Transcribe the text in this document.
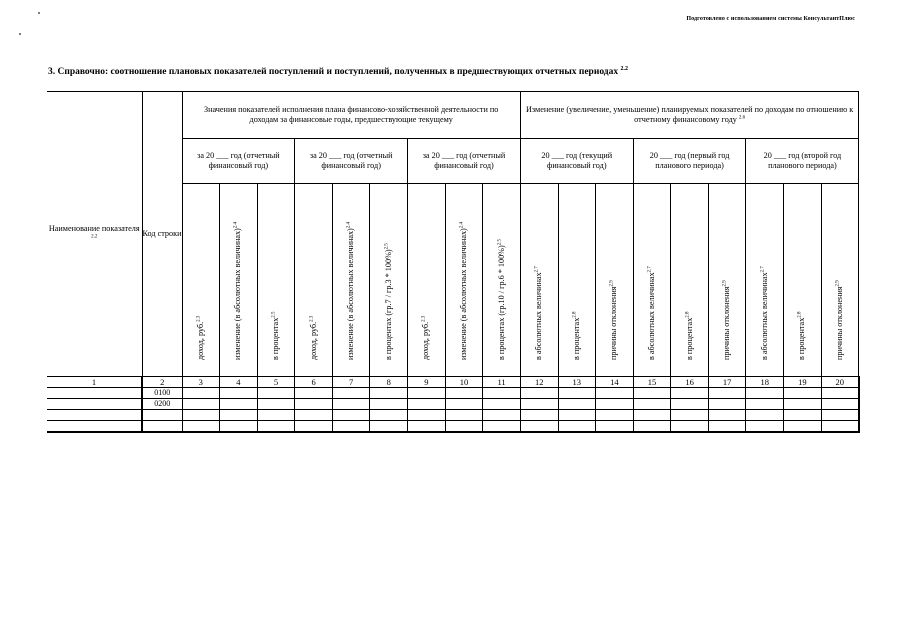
Подготовлено с использованием системы КонсультантПлюс
3. Справочно: соотношение плановых показателей поступлений и поступлений, полученных в предшествующих отчетных периодах $^{2.2}$
Наименование показателя $^{2.2}$	Код строки	Значения показателей исполнения плана финансово-хозяйственной деятельности по доходам за финансовые годы, предшествующие текущему									Изменение (увеличение, уменьшение) планируемых показателей по доходам по отношению к отчетному финансовому году $^{2.6}$
		за 20 ___ год (отчетный финансовый год)			за 20 ___ год (отчетный финансовый год)			за 20 ___ год (отчетный финансовый год)			20 ___ год (текущий финансовый год)			20 ___ год (первый год планового периода)			20 ___ год (второй год планового периода)		

		доход, руб.$^{2.3}$	изменение (в абсолютных величинах)$^{2.4}$	в процентах$^{2.5}$	доход, руб.$^{2.3}$	изменение (в абсолютных величинах)$^{2.4}$	в процентах (гр.7 / гр.3 * 100%)$^{2.5}$	доход, руб.$^{2.3}$	изменение (в абсолютных величинах)$^{2.4}$	в процентах (гр.10 / гр.6 * 100%)$^{2.5}$	в абсолютных величинах$^{2.7}$	в процентах$^{2.8}$	причины отклонения$^{2.9}$	в абсолютных величинах$^{2.7}$	в процентах$^{2.8}$	причины отклонения$^{2.9}$	в абсолютных величинах$^{2.7}$	в процентах$^{2.8}$	причины отклонения$^{2.9}$

1	2	3	4	5	6	7	8	9	10	11	12	13	14	15	16	17	18	19	20
	0100																		
	0200																		
